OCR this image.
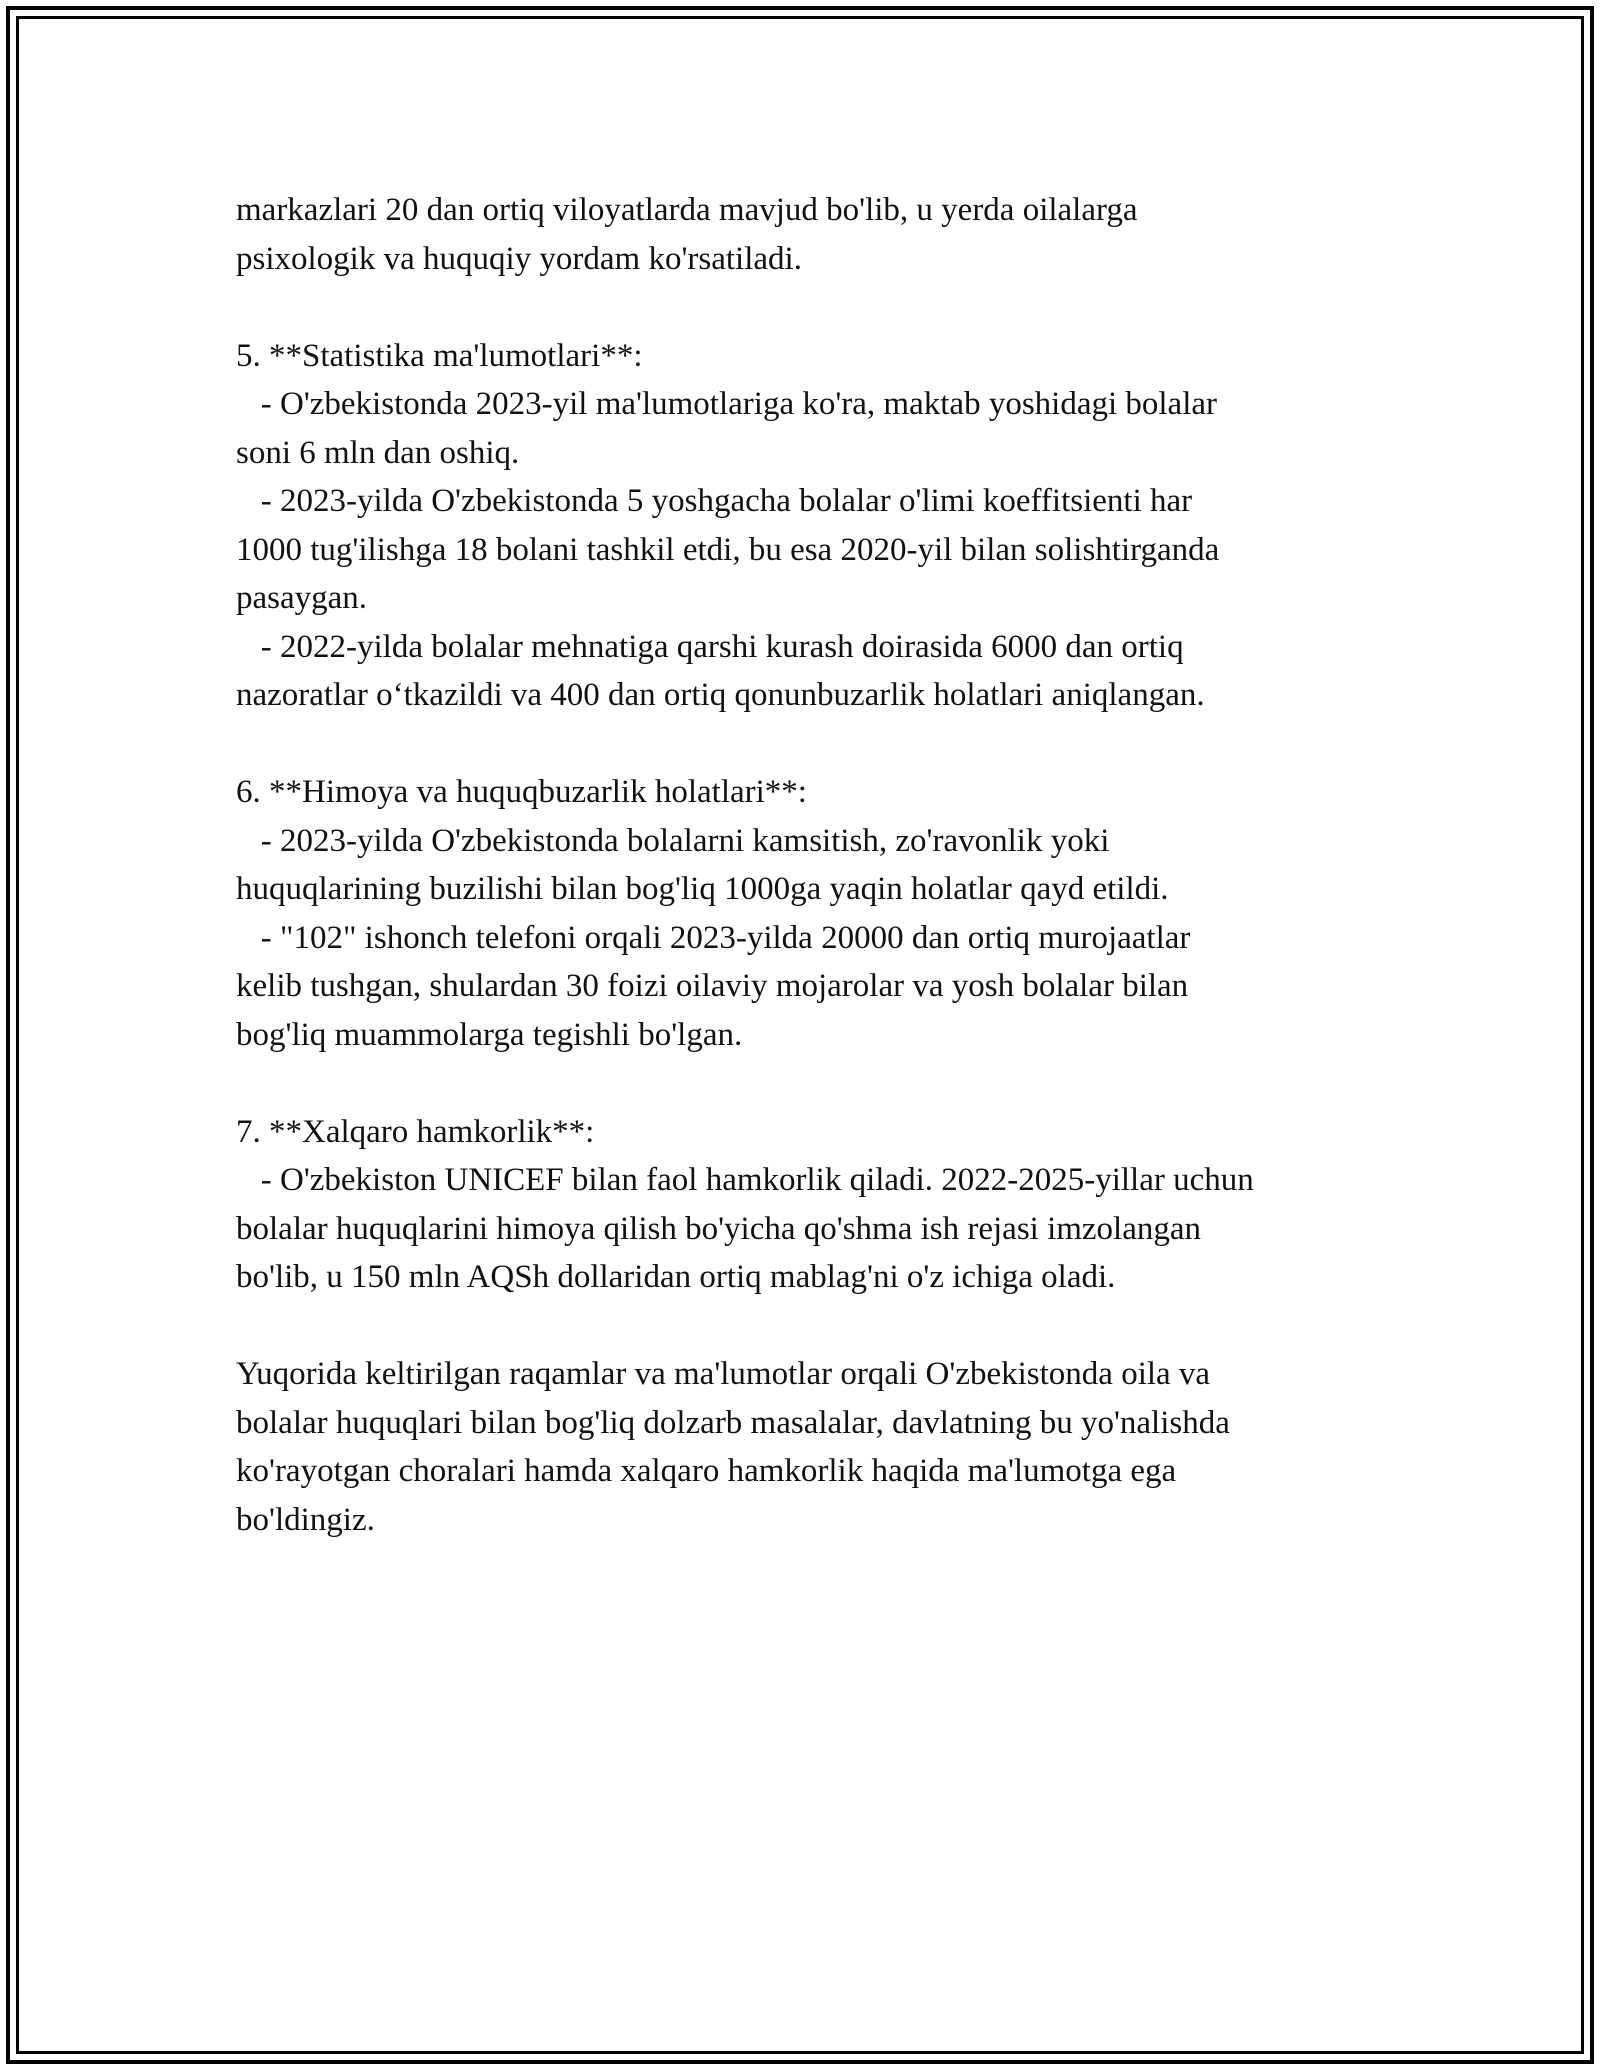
markazlari 20 dan ortiq viloyatlarda mavjud bo'lib, u yerda oilalarga
psixologik va huquqiy yordam ko'rsatiladi.
5. **Statistika ma'lumotlari**:
- O'zbekistonda 2023-yil ma'lumotlariga ko'ra, maktab yoshidagi bolalar
soni 6 mln dan oshiq.
- 2023-yilda O'zbekistonda 5 yoshgacha bolalar o'limi koeffitsienti har
1000 tug'ilishga 18 bolani tashkil etdi, bu esa 2020-yil bilan solishtirganda
pasaygan.
- 2022-yilda bolalar mehnatiga qarshi kurash doirasida 6000 dan ortiq
nazoratlar o‘tkazildi va 400 dan ortiq qonunbuzarlik holatlari aniqlangan.
6. **Himoya va huquqbuzarlik holatlari**:
- 2023-yilda O'zbekistonda bolalarni kamsitish, zo'ravonlik yoki
huquqlarining buzilishi bilan bog'liq 1000ga yaqin holatlar qayd etildi.
- "102" ishonch telefoni orqali 2023-yilda 20000 dan ortiq murojaatlar
kelib tushgan, shulardan 30 foizi oilaviy mojarolar va yosh bolalar bilan
bog'liq muammolarga tegishli bo'lgan.
7. **Xalqaro hamkorlik**:
- O'zbekiston UNICEF bilan faol hamkorlik qiladi. 2022-2025-yillar uchun
bolalar huquqlarini himoya qilish bo'yicha qo'shma ish rejasi imzolangan
bo'lib, u 150 mln AQSh dollaridan ortiq mablag'ni o'z ichiga oladi.
Yuqorida keltirilgan raqamlar va ma'lumotlar orqali O'zbekistonda oila va
bolalar huquqlari bilan bog'liq dolzarb masalalar, davlatning bu yo'nalishda
ko'rayotgan choralari hamda xalqaro hamkorlik haqida ma'lumotga ega
bo'ldingiz.
